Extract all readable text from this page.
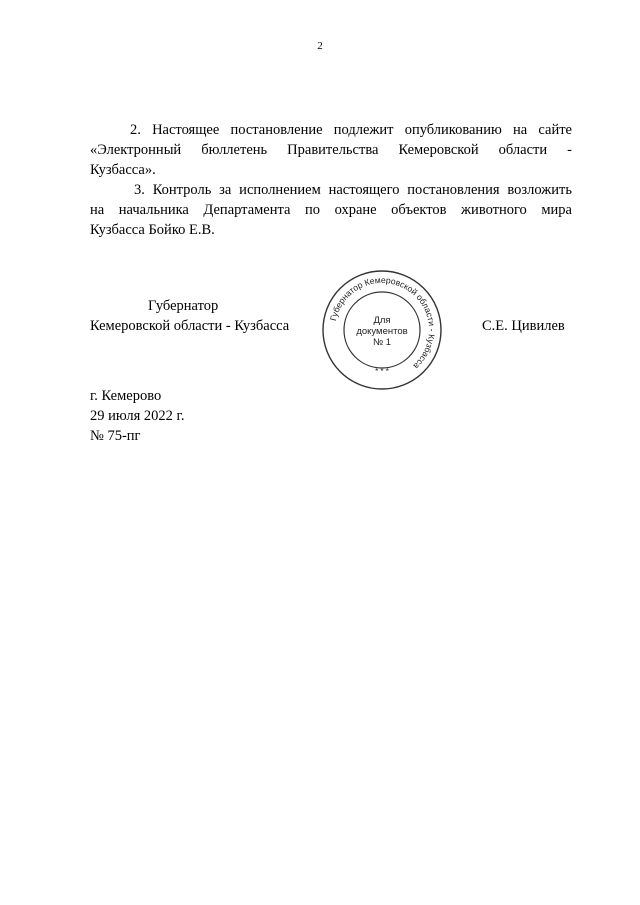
2

2. Настоящее постановление подлежит опубликованию на сайте
«Электронный бюллетень Правительства Кемеровской области -
Кузбасса».

3. Контроль за исполнением настоящего постановления возложить
на начальника Департамента по охране объектов животного мира
Кузбасса Бойко Е.В.

Губернатор
Кемеровской области - Кузбасса	Губернатор Кемеровской области - Кузбасса
* * *
Для
документов
№ 1
С.Е. Цивилев
г. Кемерово
29 июля 2022 г.
№ 75-пг
